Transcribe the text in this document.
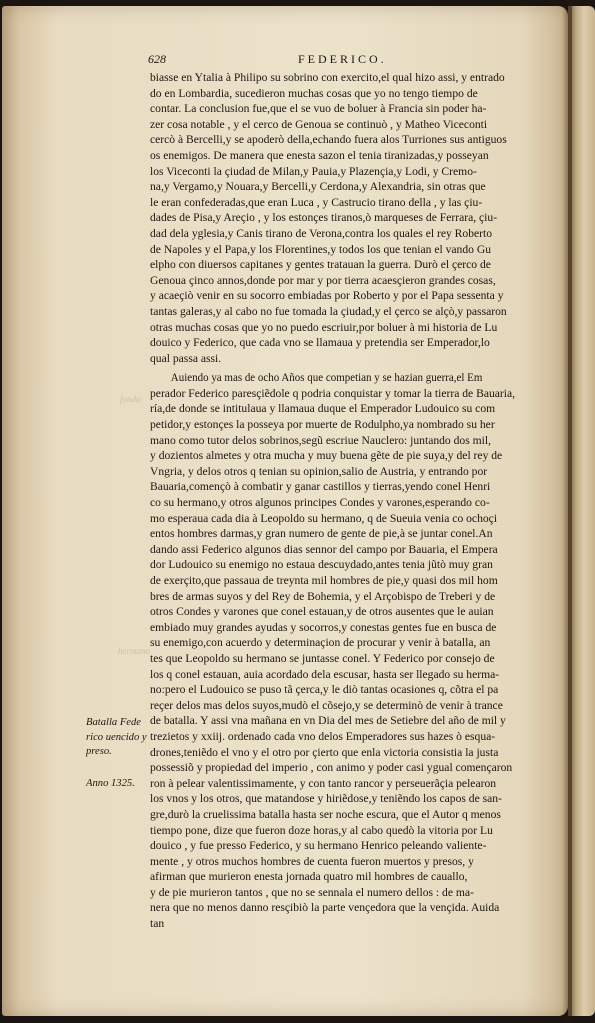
fonda
hermano
628	FEDERICO.
biasse en Ytalia à Philipo su sobrino con exercito,el qual hizo assi, y entrado
do en Lombardia, sucedieron muchas cosas que yo no tengo tiempo de
contar. La conclusion fue,que el se vuo de boluer à Francia sin poder ha-
zer cosa notable , y el cerco de Genoua se continuò , y Matheo Viceconti
cercò à Bercelli,y se apoderò della,echando fuera alos Turriones sus antiguos
os enemigos. De manera que enesta sazon el tenia tiranizadas,y posseyan
los Viceconti la çiudad de Milan,y Pauia,y Plazençia,y Lodi, y Cremo-
na,y Vergamo,y Nouara,y Bercelli,y Cerdona,y Alexandria, sin otras que
le eran confederadas,que eran Luca , y Castrucio tirano della , y las çiu-
dades de Pisa,y Areçio , y los estonçes tiranos,ò marqueses de Ferrara, çiu-
dad dela yglesia,y Canis tirano de Verona,contra los quales el rey Roberto
de Napoles y el Papa,y los Florentines,y todos los que tenian el vando Gu
elpho con diuersos capitanes y gentes tratauan la guerra. Durò el çerco de
Genoua çinco annos,donde por mar y por tierra acaesçieron grandes cosas,
y acaeçiò venir en su socorro embiadas por Roberto y por el Papa sessenta y
tantas galeras,y al cabo no fue tomada la çiudad,y el çerco se alçò,y passaron
otras muchas cosas que yo no puedo escriuir,por boluer à mi historia de Lu
douico y Federico, que cada vno se llamaua y pretendia ser Emperador,lo
qual passa assi.
Auiendo ya mas de ocho Años que competian y se hazian guerra,el Em
perador Federico paresçiẽdole q podria conquistar y tomar la tierra de Bauaria,
ría,de donde se intitulaua y llamaua duque el Emperador Ludouico su com
petidor,y estonçes la posseya por muerte de Rodulpho,ya nombrado su her
mano como tutor delos sobrinos,segũ escriue Nauclero: juntando dos mil,
y dozientos almetes y otra mucha y muy buena gẽte de pie suya,y del rey de
Vngria, y delos otros q tenian su opinion,salio de Austria, y entrando por
Bauaria,començò à combatir y ganar castillos y tierras,yendo conel Henri
co su hermano,y otros algunos principes Condes y varones,esperando co-
mo esperaua cada dia à Leopoldo su hermano, q de Sueuia venia co ochoçi
entos hombres darmas,y gran numero de gente de pie,à se juntar conel.An
dando assi Federico algunos dias sennor del campo por Bauaria, el Empera
dor Ludouico su enemigo no estaua descuydado,antes tenia jũtò muy gran
de exerçito,que passaua de treynta mil hombres de pie,y quasi dos mil hom
bres de armas suyos y del Rey de Bohemia, y el Arçobispo de Treberi y de
otros Condes y varones que conel estauan,y de otros ausentes que le auian
embiado muy grandes ayudas y socorros,y conestas gentes fue en busca de
su enemigo,con acuerdo y determinaçion de procurar y venir à batalla, an
tes que Leopoldo su hermano se juntasse conel. Y Federico por consejo de
los q conel estauan, auia acordado dela escusar, hasta ser llegado su herma-
no:pero el Ludouico se puso tã çerca,y le diò tantas ocasiones q, cõtra el pa
reçer delos mas delos suyos,mudò el cõsejo,y se determinò de venir à trance
de batalla. Y assi vna mañana en vn Dia del mes de Setiebre del año de mil y
trezietos y xxiij. ordenado cada vno delos Emperadores sus hazes ò esqua-
drones,teniẽdo el vno y el otro por çierto que enla victoria consistia la justa
possessiõ y propiedad del imperio , con animo y poder casi ygual començaron
ron à pelear valentissimamente, y con tanto rancor y perseuerãçia pelearon
los vnos y los otros, que matandose y hiriẽdose,y teniẽndo los capos de san-
gre,durò la cruelissima batalla hasta ser noche escura, que el Autor q menos
tiempo pone, dize que fueron doze horas,y al cabo quedò la vitoria por Lu
douico , y fue presso Federico, y su hermano Henrico peleando valiente-
mente , y otros muchos hombres de cuenta fueron muertos y presos, y
afirman que murieron enesta jornada quatro mil hombres de cauallo,
y de pie murieron tantos , que no se sennala el numero dellos : de ma-
nera que no menos danno resçibiò la parte vençedora que la vençida. Auida
tan
Batalla Fede
rico uencido y
preso.
Anno 1325.
